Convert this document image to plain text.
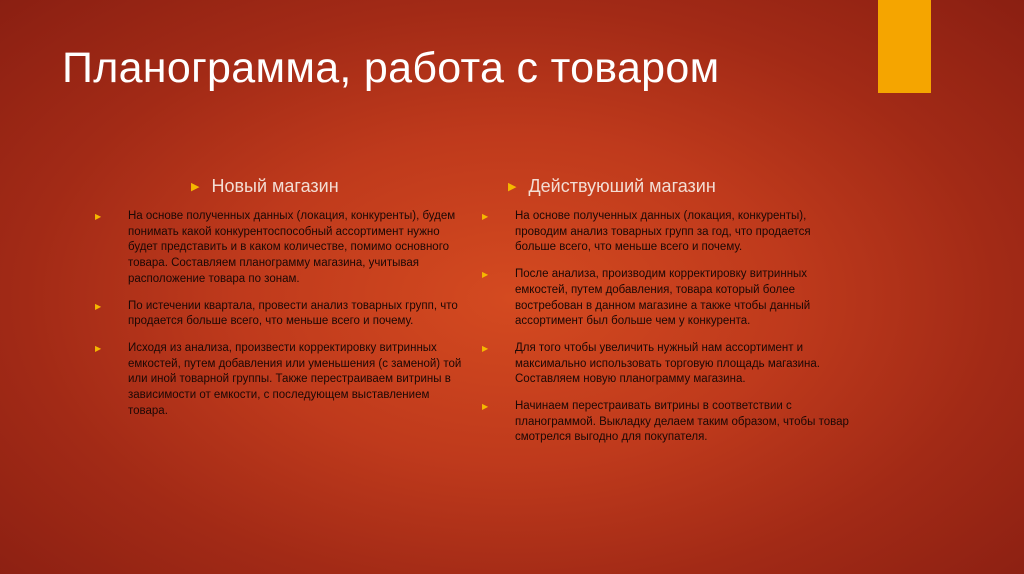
Планограмма, работа с товаром
▶ Новый магазин
▶ На основе полученных данных (локация, конкуренты), будем понимать какой конкурентоспособный ассортимент нужно будет представить и в каком количестве, помимо основного товара. Составляем планограмму магазина, учитывая расположение товара по зонам.
▶ По истечении квартала, провести анализ товарных групп, что продается больше всего, что меньше всего и почему.
▶ Исходя из анализа, произвести корректировку витринных емкостей, путем добавления или уменьшения (с заменой) той или иной товарной группы. Также перестраиваем витрины в зависимости от емкости, с последующем выставлением товара.
▶ Действуюший магазин
▶ На основе полученных данных (локация, конкуренты), проводим анализ товарных групп за год, что продается больше всего, что меньше всего и почему.
▶ После анализа, производим корректировку витринных емкостей, путем добавления, товара который более востребован в данном магазине а также чтобы данный ассортимент был больше чем у конкурента.
▶ Для того чтобы увеличить нужный нам ассортимент и максимально использовать торговую площадь магазина. Составляем новую планограмму магазина.
▶ Начинаем перестраивать витрины в соответствии с планограммой. Выкладку делаем таким образом, чтобы товар смотрелся выгодно для покупателя.
